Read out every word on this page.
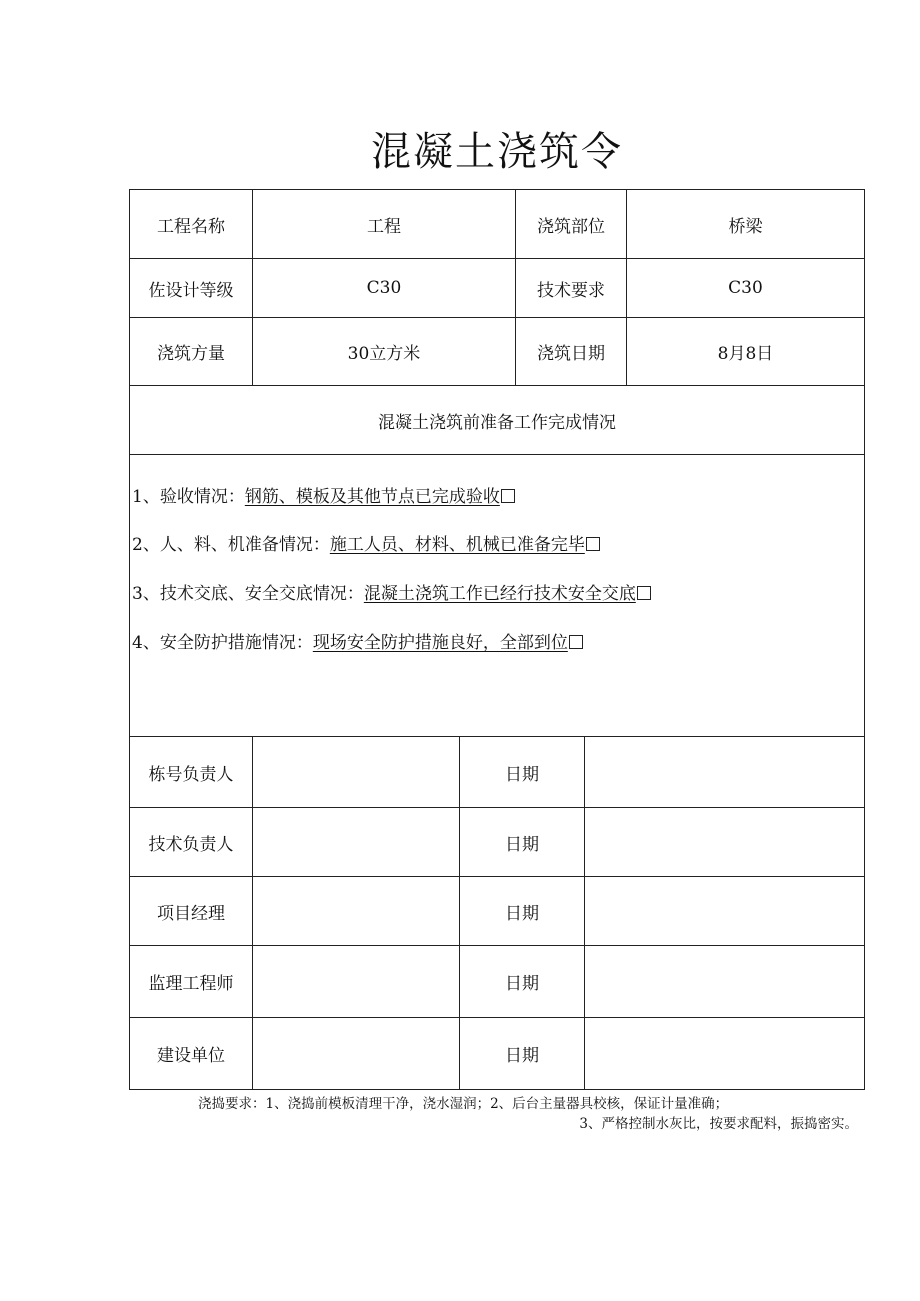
混凝土浇筑令
工程名称	工程	浇筑部位	桥梁
佐设计等级	C30	技术要求	C30
浇筑方量	30立方米	浇筑日期	8月8日
混凝土浇筑前准备工作完成情况
1、验收情况：钢筋、模板及其他节点已完成验收
2、人、料、机准备情况：施工人员、材料、机械已准备完毕
3、技术交底、安全交底情况：混凝土浇筑工作已经行技术安全交底
4、安全防护措施情况：现场安全防护措施良好，全部到位
栋号负责人	日期
技术负责人	日期
项目经理	日期
监理工程师	日期
建设单位	日期
浇捣要求：1、浇捣前模板清理干净，浇水湿润；2、后台主量器具校核，保证计量准确；
3、严格控制水灰比，按要求配料，振捣密实。
